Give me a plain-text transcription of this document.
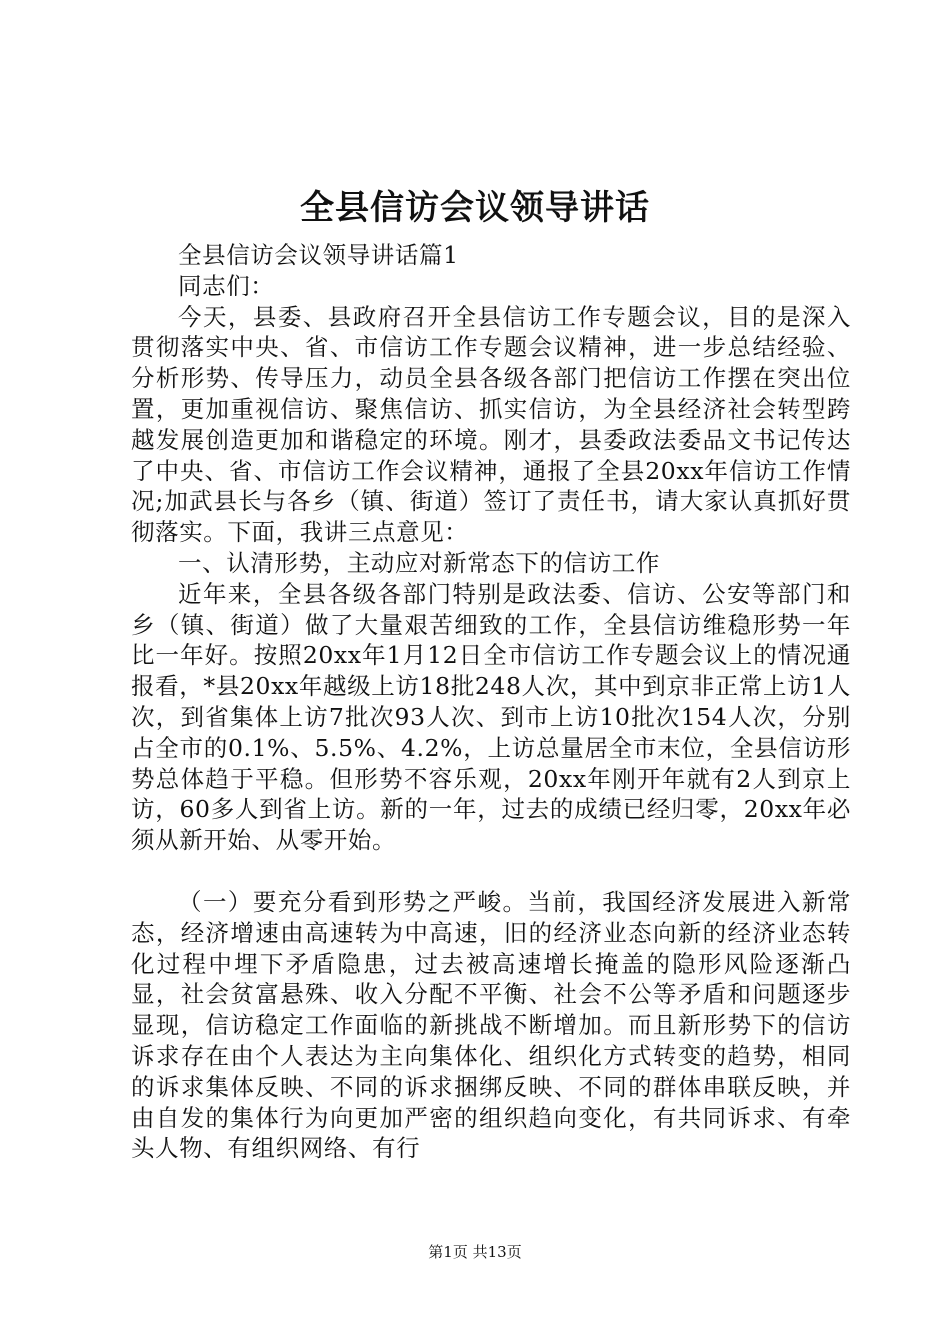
全县信访会议领导讲话

全县信访会议领导讲话篇1

同志们：

今天，县委、县政府召开全县信访工作专题会议，目的是深入贯彻落实中央、省、市信访工作专题会议精神，进一步总结经验、分析形势、传导压力，动员全县各级各部门把信访工作摆在突出位置，更加重视信访、聚焦信访、抓实信访，为全县经济社会转型跨越发展创造更加和谐稳定的环境。刚才，县委政法委品文书记传达了中央、省、市信访工作会议精神，通报了全县20xx年信访工作情况;加武县长与各乡（镇、街道）签订了责任书，请大家认真抓好贯彻落实。下面，我讲三点意见：

一、认清形势，主动应对新常态下的信访工作

近年来，全县各级各部门特别是政法委、信访、公安等部门和乡（镇、街道）做了大量艰苦细致的工作，全县信访维稳形势一年比一年好。按照20xx年1月12日全市信访工作专题会议上的情况通报看，*县20xx年越级上访18批248人次，其中到京非正常上访1人次，到省集体上访7批次93人次、到市上访10批次154人次，分别占全市的0.1%、5.5%、4.2%，上访总量居全市末位，全县信访形势总体趋于平稳。但形势不容乐观，20xx年刚开年就有2人到京上访，60多人到省上访。新的一年，过去的成绩已经归零，20xx年必须从新开始、从零开始。

（一）要充分看到形势之严峻。当前，我国经济发展进入新常态，经济增速由高速转为中高速，旧的经济业态向新的经济业态转化过程中埋下矛盾隐患，过去被高速增长掩盖的隐形风险逐渐凸显，社会贫富悬殊、收入分配不平衡、社会不公等矛盾和问题逐步显现，信访稳定工作面临的新挑战不断增加。而且新形势下的信访诉求存在由个人表达为主向集体化、组织化方式转变的趋势，相同的诉求集体反映、不同的诉求捆绑反映、不同的群体串联反映，并由自发的集体行为向更加严密的组织趋向变化，有共同诉求、有牵头人物、有组织网络、有行

第1页 共13页
